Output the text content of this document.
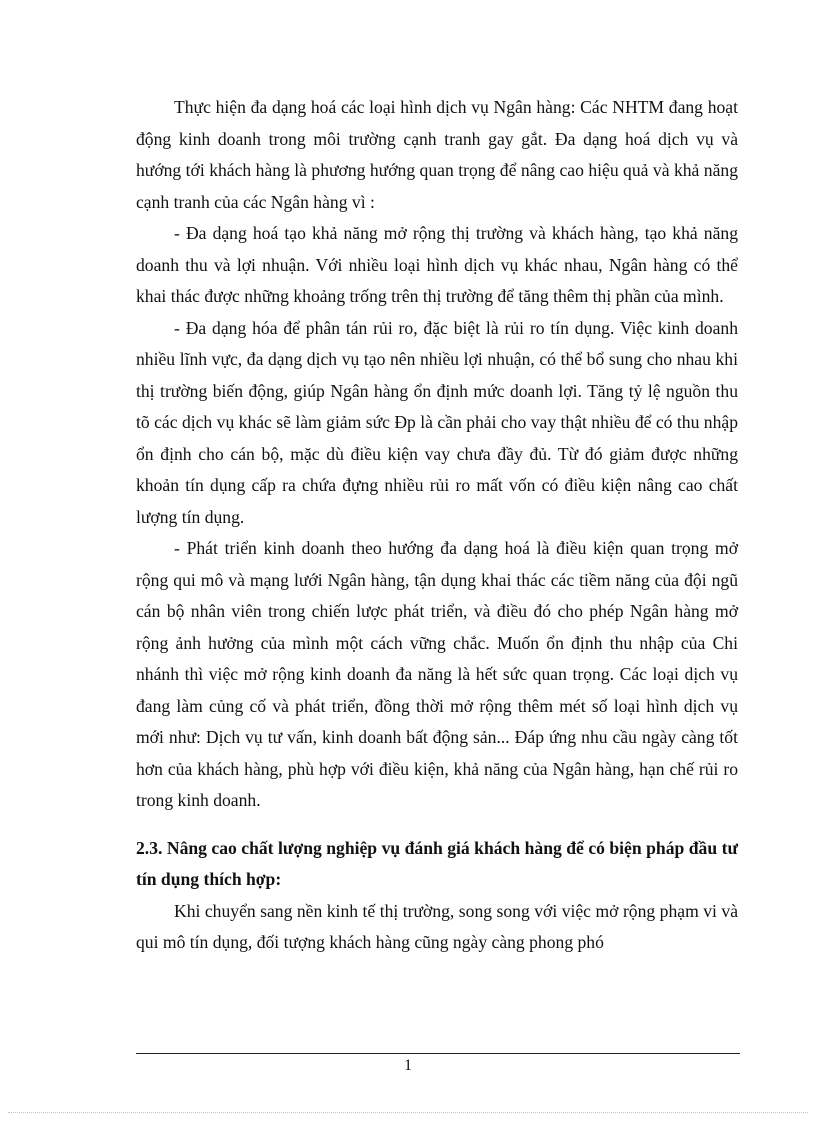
Thực hiện đa dạng hoá các loại hình dịch vụ Ngân hàng: Các NHTM đang hoạt động kinh doanh trong môi trường cạnh tranh gay gắt. Đa dạng hoá dịch vụ và hướng tới khách hàng là phương hướng quan trọng để nâng cao hiệu quả và khả năng cạnh tranh của các Ngân hàng vì :

- Đa dạng hoá tạo khả năng mở rộng thị trường và khách hàng, tạo khả năng doanh thu và lợi nhuận. Với nhiều loại hình dịch vụ khác nhau, Ngân hàng có thể khai thác được những khoảng trống trên thị trường để tăng thêm thị phần của mình.

- Đa dạng hóa để phân tán rủi ro, đặc biệt là rủi ro tín dụng. Việc kinh doanh nhiều lĩnh vực, đa dạng dịch vụ tạo nên nhiều lợi nhuận, có thể bổ sung cho nhau khi thị trường biến động, giúp Ngân hàng ổn định mức doanh lợi. Tăng tỷ lệ nguồn thu tõ các dịch vụ khác sẽ làm giảm sức Ðp là cần phải cho vay thật nhiều để có thu nhập ổn định cho cán bộ, mặc dù điều kiện vay chưa đầy đủ. Từ đó giảm được những khoản tín dụng cấp ra chứa đựng nhiều rủi ro mất vốn có điều kiện nâng cao chất lượng tín dụng.

- Phát triển kinh doanh theo hướng đa dạng hoá là điều kiện quan trọng mở rộng qui mô và mạng lưới Ngân hàng, tận dụng khai thác các tiềm năng của đội ngũ cán bộ nhân viên trong chiến lược phát triển, và điều đó cho phép Ngân hàng mở rộng ảnh hưởng của mình một cách vững chắc. Muốn ổn định thu nhập của Chi nhánh thì việc mở rộng kinh doanh đa năng là hết sức quan trọng. Các loại dịch vụ đang làm củng cố và phát triển, đồng thời mở rộng thêm mét số loại hình dịch vụ mới như: Dịch vụ tư vấn, kinh doanh bất động sản... Đáp ứng nhu cầu ngày càng tốt hơn của khách hàng, phù hợp với điều kiện, khả năng của Ngân hàng, hạn chế rủi ro trong kinh doanh.

2.3. Nâng cao chất lượng nghiệp vụ đánh giá khách hàng để có biện pháp đầu tư tín dụng thích hợp:

Khi chuyển sang nền kinh tế thị trường, song song với việc mở rộng phạm vi và qui mô tín dụng, đối tượng khách hàng cũng ngày càng phong phó

1
